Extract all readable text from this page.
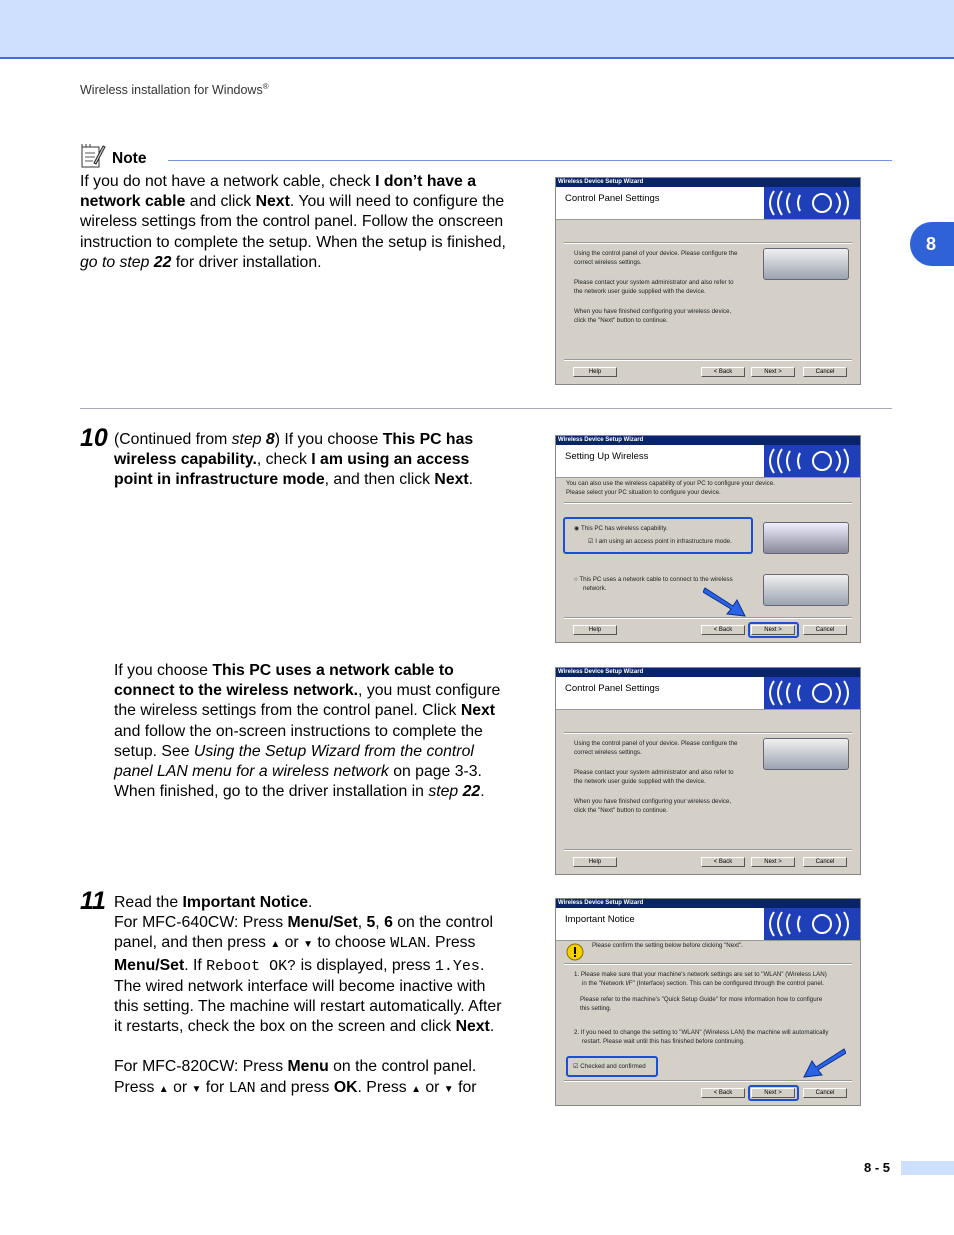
Wireless installation for Windows®
8
Note
If you do not have a network cable, check I don’t have a network cable and click Next. You will need to configure the wireless settings from the control panel. Follow the onscreen instruction to complete the setup. When the setup is finished, go to step 22 for driver installation.
Wireless Device Setup Wizard
Control Panel Settings
Using the control panel of your device. Please configure the
correct wireless settings.
Please contact your system administrator and also refer to
the network user guide supplied with the device.
When you have finished configuring your wireless device,
click the "Next" button to continue.
Help	< Back	Next >	Cancel
10 (Continued from step 8) If you choose This PC has wireless capability., check I am using an access point in infrastructure mode, and then click Next.
Wireless Device Setup Wizard
Setting Up Wireless
You can also use the wireless capability of your PC to configure your device.
Please select your PC situation to configure your device.
◉ This PC has wireless capability.
☑ I am using an access point in infrastructure mode.
○ This PC uses a network cable to connect to the wireless
network.
Help	< Back	Next >	Cancel
If you choose This PC uses a network cable to connect to the wireless network., you must configure the wireless settings from the control panel. Click Next and follow the on-screen instructions to complete the setup. See Using the Setup Wizard from the control panel LAN menu for a wireless network on page 3-3. When finished, go to the driver installation in step 22.
Wireless Device Setup Wizard
Control Panel Settings
Using the control panel of your device. Please configure the
correct wireless settings.
Please contact your system administrator and also refer to
the network user guide supplied with the device.
When you have finished configuring your wireless device,
click the "Next" button to continue.
Help	< Back	Next >	Cancel
11 Read the Important Notice.
For MFC-640CW: Press Menu/Set, 5, 6 on the control panel, and then press ▲ or ▼ to choose WLAN. Press Menu/Set. If Reboot OK? is displayed, press 1.Yes. The wired network interface will become inactive with this setting. The machine will restart automatically. After it restarts, check the box on the screen and click Next.
For MFC-820CW: Press Menu on the control panel. Press ▲ or ▼ for LAN and press OK. Press ▲ or ▼ for
Wireless Device Setup Wizard
Important Notice
Please confirm the setting below before clicking "Next".
1. Please make sure that your machine's network settings are set to "WLAN" (Wireless LAN)
in the "Network I/F" (Interface) section. This can be configured through the control panel.
Please refer to the machine's "Quick Setup Guide" for more information how to configure
this setting.
2. If you need to change the setting to "WLAN" (Wireless LAN) the machine will automatically
restart. Please wait until this has finished before continuing.
☑ Checked and confirmed
< Back	Next >	Cancel
8 - 5
